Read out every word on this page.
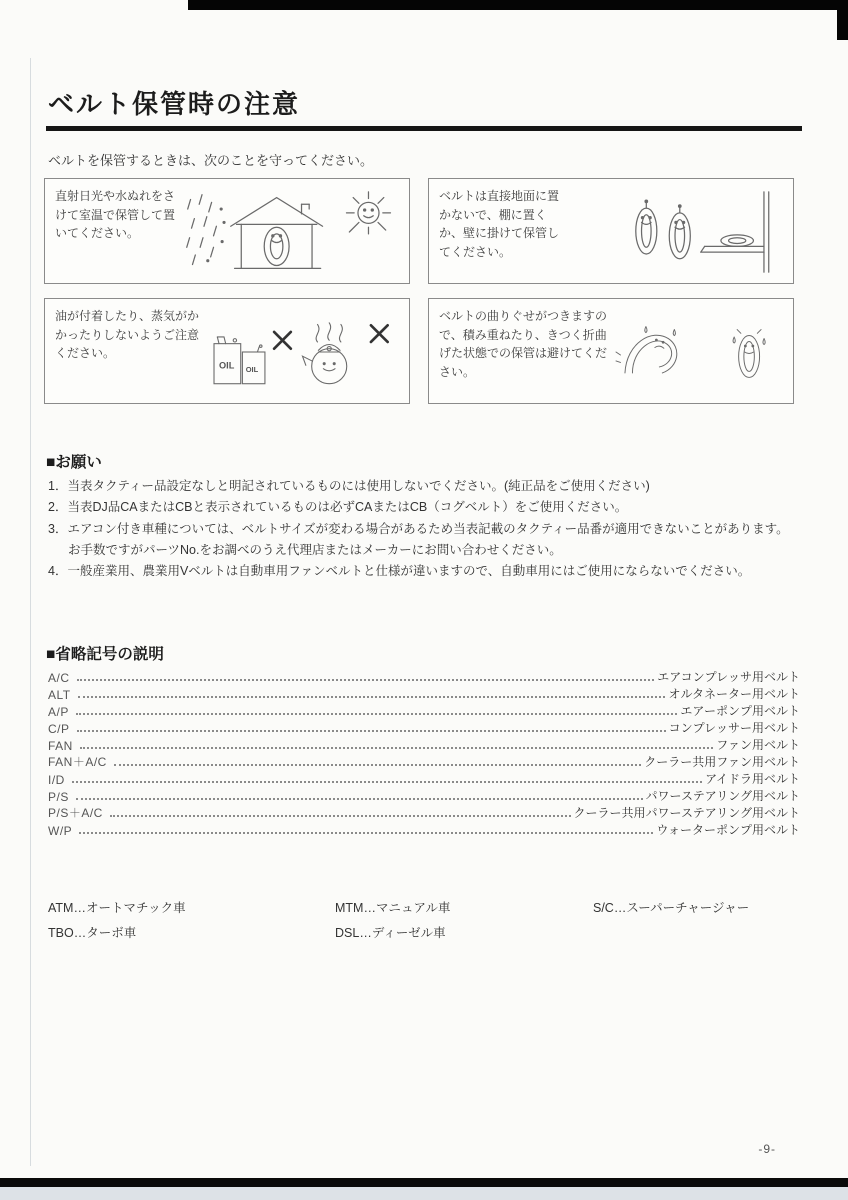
ベルト保管時の注意
ベルトを保管するときは、次のことを守ってください。
直射日光や水ぬれをさけて室温で保管して置いてください。
ベルトは直接地面に置かないで、棚に置くか、壁に掛けて保管してください。
油が付着したり、蒸気がかかったりしないようご注意ください。
OIL OIL
ベルトの曲りぐせがつきますので、積み重ねたり、きつく折曲げた状態での保管は避けてください。
■お願い
1．当表タクティー品設定なしと明記されているものには使用しないでください。(純正品をご使用ください)
2．当表DJ品CAまたはCBと表示されているものは必ずCAまたはCB（コグベルト）をご使用ください。
3．エアコン付き車種については、ベルトサイズが変わる場合があるため当表記載のタクティー品番が適用できないことがあります。
お手数ですがパーツNo.をお調べのうえ代理店またはメーカーにお問い合わせください。
4．一般産業用、農業用Vベルトは自動車用ファンベルトと仕様が違いますので、自動車用にはご使用にならないでください。
■省略記号の説明
A/C	エアコンプレッサ用ベルト
ALT	オルタネーター用ベルト
A/P	エアーポンプ用ベルト
C/P	コンプレッサー用ベルト
FAN	ファン用ベルト
FAN＋A/C	クーラー共用ファン用ベルト
I/D	アイドラ用ベルト
P/S	パワーステアリング用ベルト
P/S＋A/C	クーラー共用パワーステアリング用ベルト
W/P	ウォーターポンプ用ベルト
ATM…オートマチック車	MTM…マニュアル車	S/C…スーパーチャージャー
TBO…ターボ車	DSL…ディーゼル車
-9-
